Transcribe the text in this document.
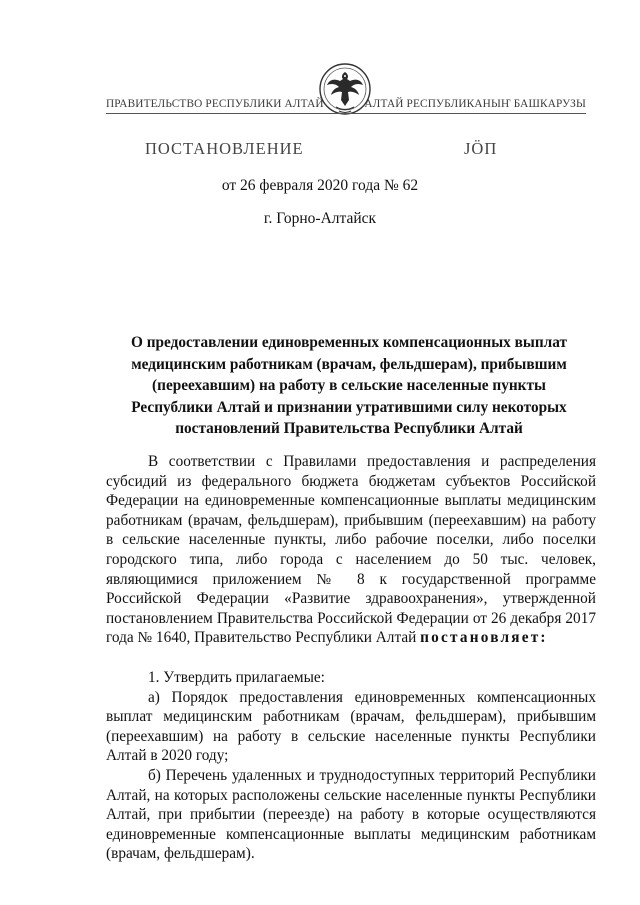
ПРАВИТЕЛЬСТВО РЕСПУБЛИКИ АЛТАЙ	АЛТАЙ РЕСПУБЛИКАНЫҤ БАШКАРУЗЫ
ПОСТАНОВЛЕНИЕ	ЈӦП
от 26 февраля 2020 года № 62
г. Горно-Алтайск
О предоставлении единовременных компенсационных выплат медицинским работникам (врачам, фельдшерам), прибывшим (переехавшим) на работу в сельские населенные пункты Республики Алтай и признании утратившими силу некоторых постановлений Правительства Республики Алтай

В соответствии с Правилами предоставления и распределения субсидий из федерального бюджета бюджетам субъектов Российской Федерации на единовременные компенсационные выплаты медицинским работникам (врачам, фельдшерам), прибывшим (переехавшим) на работу в сельские населенные пункты, либо рабочие поселки, либо поселки городского типа, либо города с населением до 50 тыс. человек, являющимися приложением № 8 к государственной программе Российской Федерации «Развитие здравоохранения», утвержденной постановлением Правительства Российской Федерации от 26 декабря 2017 года № 1640, Правительство Республики Алтай постановляет:

1. Утвердить прилагаемые:

а) Порядок предоставления единовременных компенсационных выплат медицинским работникам (врачам, фельдшерам), прибывшим (переехавшим) на работу в сельские населенные пункты Республики Алтай в 2020 году;

б) Перечень удаленных и труднодоступных территорий Республики Алтай, на которых расположены сельские населенные пункты Республики Алтай, при прибытии (переезде) на работу в которые осуществляются единовременные компенсационные выплаты медицинским работникам (врачам, фельдшерам).
